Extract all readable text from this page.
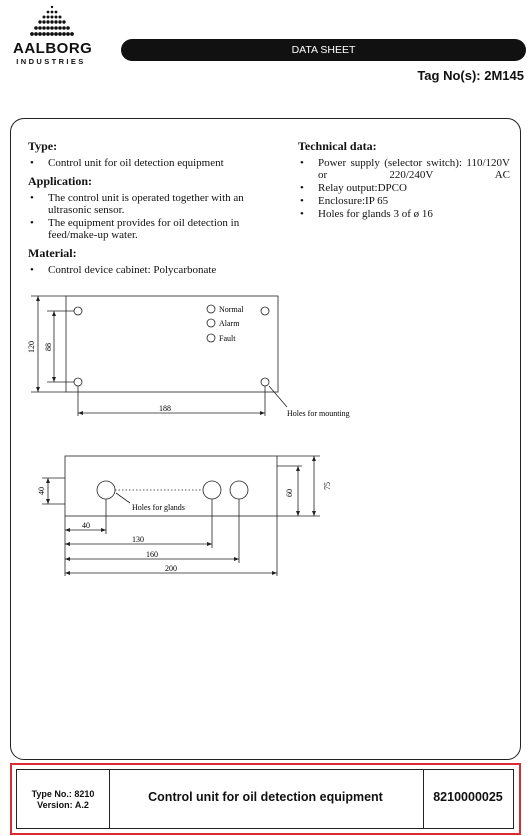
AALBORG
INDUSTRIES
DATA SHEET
Tag No(s): 2M145
Type:
• Control unit for oil detection equipment
Application:
• The control unit is operated together with an ultrasonic sensor.
• The equipment provides for oil detection in feed/make-up water.
Material:
• Control device cabinet: Polycarbonate
Technical data:
• Power supply (selector switch): 110/120V or 220/240V AC
• Relay output:DPCO
• Enclosure:IP 65
• Holes for glands 3 of ø 16
Normal
Alarm
Fault
120 88
188
Holes for mounting
40	60
75
Holes for glands
40
130
160
200
Type No.: 8210
Version: A.2
Control unit for oil detection equipment	8210000025
